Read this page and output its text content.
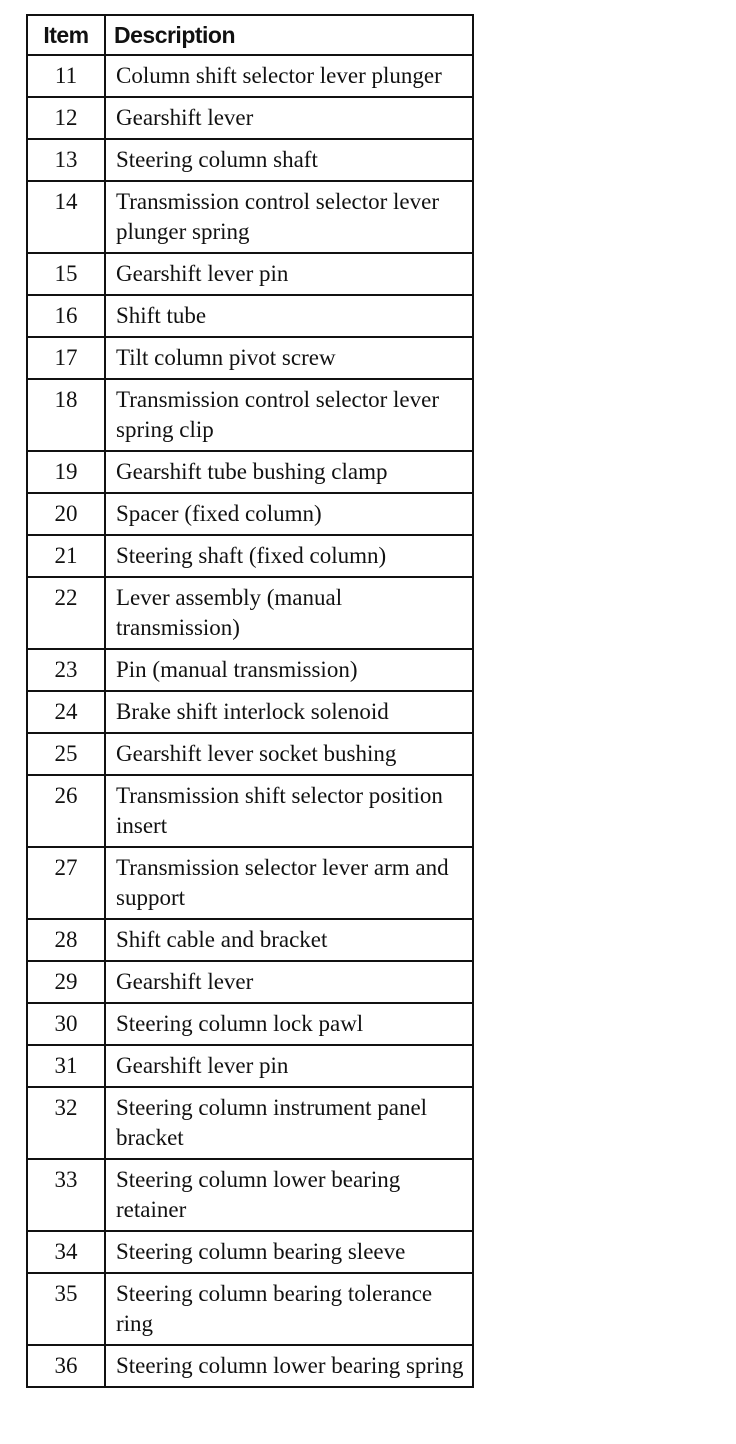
Item	Description
11	Column shift selector lever plunger
12	Gearshift lever
13	Steering column shaft
14	Transmission control selector lever plunger spring
15	Gearshift lever pin
16	Shift tube
17	Tilt column pivot screw
18	Transmission control selector lever spring clip
19	Gearshift tube bushing clamp
20	Spacer (fixed column)
21	Steering shaft (fixed column)
22	Lever assembly (manual transmission)
23	Pin (manual transmission)
24	Brake shift interlock solenoid
25	Gearshift lever socket bushing
26	Transmission shift selector position insert
27	Transmission selector lever arm and support
28	Shift cable and bracket
29	Gearshift lever
30	Steering column lock pawl
31	Gearshift lever pin
32	Steering column instrument panel bracket
33	Steering column lower bearing retainer
34	Steering column bearing sleeve
35	Steering column bearing tolerance ring
36	Steering column lower bearing spring
